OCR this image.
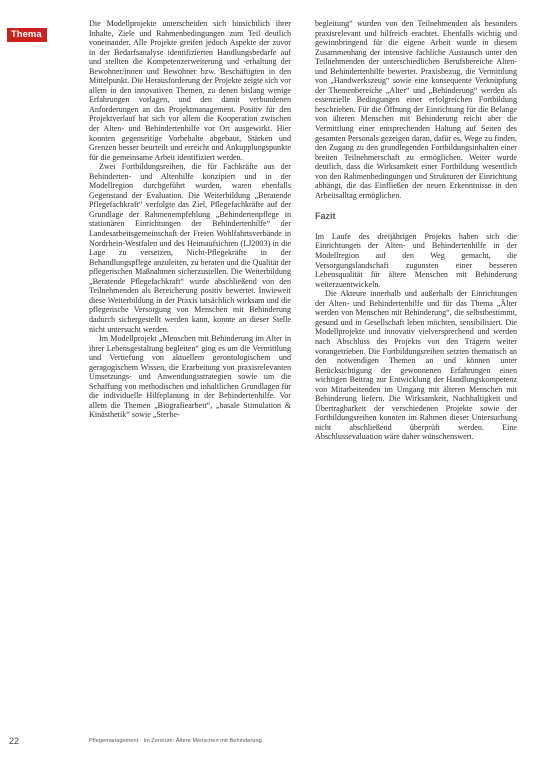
Thema

Die Modellprojekte unterscheiden sich hinsichtlich ihrer Inhalte, Ziele und Rahmenbedingungen zum Teil deutlich voneinander. Alle Projekte greifen jedoch Aspekte der zuvor in der Bedarfsanalyse identifizierten Handlungsbedarfe auf und stellten die Kompetenzerweiterung und -erhaltung der Bewohner/innen und Bewohner bzw. Beschäftigten in den Mittelpunkt. Die Herausforderung der Projekte zeigte sich vor allem in den innovativen Themen, zu denen bislang wenige Erfahrungen vorlagen, und den damit verbundenen Anforderungen an das Projektmanagement. Positiv für den Projektverlauf hat sich vor allem die Kooperation zwischen der Alten- und Behindertenhilfe vor Ort ausgewirkt. Hier konnten gegenseitige Vorbehalte abgebaut, Stärken und Grenzen besser beurteilt und erreicht und Ankupplungspunkte für die gemeinsame Arbeit identifiziert werden.

Zwei Fortbildungsreihen, die für Fachkräfte aus der Behinderten- und Altenhilfe konzipiert und in der Modellregion durchgeführt wurden, waren ebenfalls Gegenstand der Evaluation. Die Weiterbildung „Beratende Pflegefachkraft“ verfolgte das Ziel, Pflegefachkräfte auf der Grundlage der Rahmenempfehlung „Behindertenpflege in stationären Einrichtungen der Behindertenhilfe“ der Landesarbeitsgemeinschaft der Freien Wohlfahrtsverbände in Nordrhein-Westfalen und des Heimaufsichten (LJ2003) in die Lage zu versetzen, Nicht-Pflegekräfte in der Behandlungspflege anzuleiten, zu beraten und die Qualität der pflegerischen Maßnahmen sicherzustellen. Die Weiterbildung „Beratende Pflegefachkraft“ wurde abschließend von den Teilnehmenden als Bereicherung positiv bewertet. Inwieweit diese Weiterbildung in der Praxis tatsächlich wirksam und die pflegerische Versorgung von Menschen mit Behinderung dadurch sichergestellt werden kann, konnte an dieser Stelle nicht untersucht werden.

Im Modellprojekt „Menschen mit Behinderung im Alter in ihrer Lebensgestaltung begleiten“ ging es um die Vermittlung und Vertiefung von aktuellem gerontologischem und geragogischem Wissen, die Erarbeitung von praxisrelevanten Umsetzungs- und Anwendungsstrategien sowie um die Schaffung von methodischen und inhaltlichen Grundlagen für die individuelle Hilfeplanung in der Behindertenhilfe. Vor allem die Themen „Biografiearbeit“, „basale Stimulation & Kinästhetik“ sowie „Sterbe-

begleitung“ wurden von den Teilnehmenden als besonders praxisrelevant und hilfreich erachtet. Ebenfalls wichtig und gewinnbringend für die eigene Arbeit wurde in diesem Zusammenhang der intensive fachliche Austausch unter den Teilnehmenden der unterschiedlichen Berufsbereiche Alten- und Behindertenhilfe bewertet. Praxisbezug, die Vermittlung von „Handwerkszeug“ sowie eine konsequente Verknüpfung der Themenbereiche „Alter“ und „Behinderung“ werden als essenzielle Bedingungen einer erfolgreichen Fortbildung beschrieben. Für die Öffnung der Einrichtung für die Belange von älteren Menschen mit Behinderung reicht aber die Vermittlung einer entsprechenden Haltung auf Seiten des gesamten Personals gezeigen daran, dafür es, Wege zu finden, den Zugang zu den grundlegenden Fortbildungsinhalten einer breiten Teilnehmerschaft zu ermöglichen. Weiter wurde deutlich, dass die Wirksamkeit einer Fortbildung wesentlich von den Rahmenbedingungen und Strukturen der Einrichtung abhängt, die das Einfließen der neuen Erkenntnisse in den Arbeitsalltag ermöglichen.

Fazit

Im Laufe des dreijährigen Projekts haben sich die Einrichtungen der Alten- und Behindertenhilfe in der Modellregion auf den Weg gemacht, die Versorgungslandschaft zugunsten einer besseren Lebensqualität für ältere Menschen mit Behinderung weiterzuentwickeln.

Die Akteure innerhalb und außerhalb der Einrichtungen der Alten- und Behindertenhilfe und für das Thema „Älter werden von Menschen mit Behinderung“, die selbstbestimmt, gesund und in Gesellschaft leben möchten, sensibilisiert. Die Modellprojekte und innovativ vielversprechend und werden nach Abschluss des Projekts von den Trägern weiter vorangetrieben. Die Fortbildungsreihen setzten thematisch an den notwendigen Themen an und können unter Berücksichtigung der gewonnenen Erfahrungen einen wichtigen Beitrag zur Entwicklung der Handlungskompetenz von Mitarbeitenden im Umgang mit älteren Menschen mit Behinderung liefern. Die Wirksamkeit, Nachhaltigkeit und Übertragbarkeit der verschiedenen Projekte sowie der Fortbildungsreihen konnten im Rahmen dieser Untersuchung nicht abschließend überprüft werden. Eine Abschlussevaluation wäre daher wünschenswert.

22	Pflegemanagement · Im Zentrum: Ältere Menschen mit Behinderung
